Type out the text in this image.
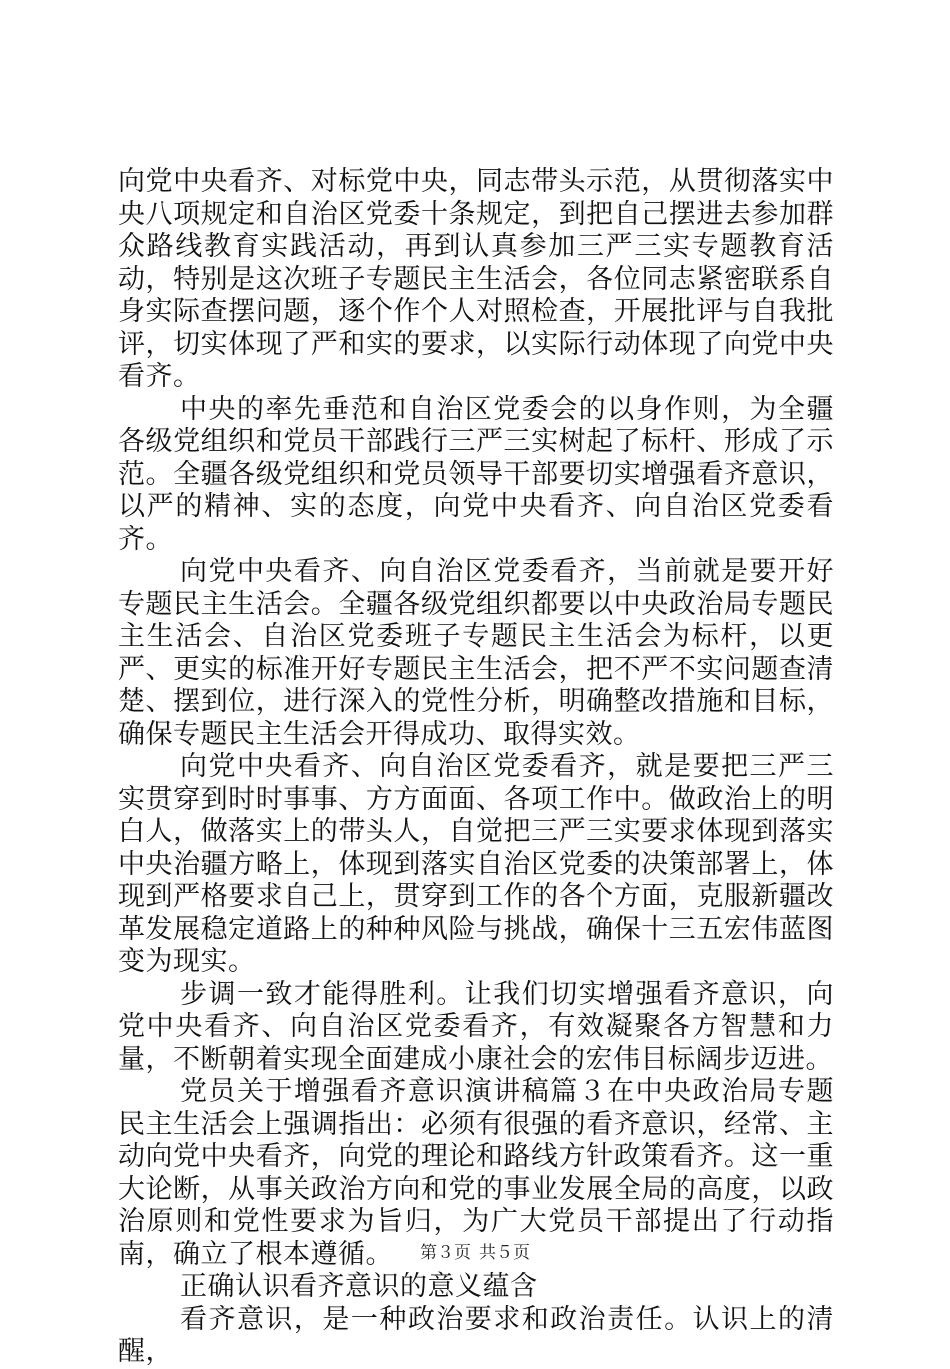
向党中央看齐、对标党中央，同志带头示范，从贯彻落实中央八项规定和自治区党委十条规定，到把自己摆进去参加群众路线教育实践活动，再到认真参加三严三实专题教育活动，特别是这次班子专题民主生活会，各位同志紧密联系自身实际查摆问题，逐个作个人对照检查，开展批评与自我批评，切实体现了严和实的要求，以实际行动体现了向党中央看齐。

中央的率先垂范和自治区党委会的以身作则，为全疆各级党组织和党员干部践行三严三实树起了标杆、形成了示范。全疆各级党组织和党员领导干部要切实增强看齐意识，以严的精神、实的态度，向党中央看齐、向自治区党委看齐。

向党中央看齐、向自治区党委看齐，当前就是要开好专题民主生活会。全疆各级党组织都要以中央政治局专题民主生活会、自治区党委班子专题民主生活会为标杆，以更严、更实的标准开好专题民主生活会，把不严不实问题查清楚、摆到位，进行深入的党性分析，明确整改措施和目标，确保专题民主生活会开得成功、取得实效。

向党中央看齐、向自治区党委看齐，就是要把三严三实贯穿到时时事事、方方面面、各项工作中。做政治上的明白人，做落实上的带头人，自觉把三严三实要求体现到落实中央治疆方略上，体现到落实自治区党委的决策部署上，体现到严格要求自己上，贯穿到工作的各个方面，克服新疆改革发展稳定道路上的种种风险与挑战，确保十三五宏伟蓝图变为现实。

步调一致才能得胜利。让我们切实增强看齐意识，向党中央看齐、向自治区党委看齐，有效凝聚各方智慧和力量，不断朝着实现全面建成小康社会的宏伟目标阔步迈进。

党员关于增强看齐意识演讲稿篇３在中央政治局专题民主生活会上强调指出：必须有很强的看齐意识，经常、主动向党中央看齐，向党的理论和路线方针政策看齐。这一重大论断，从事关政治方向和党的事业发展全局的高度，以政治原则和党性要求为旨归，为广大党员干部提出了行动指南，确立了根本遵循。

正确认识看齐意识的意义蕴含

看齐意识，是一种政治要求和政治责任。认识上的清醒，

第３页 共５页
